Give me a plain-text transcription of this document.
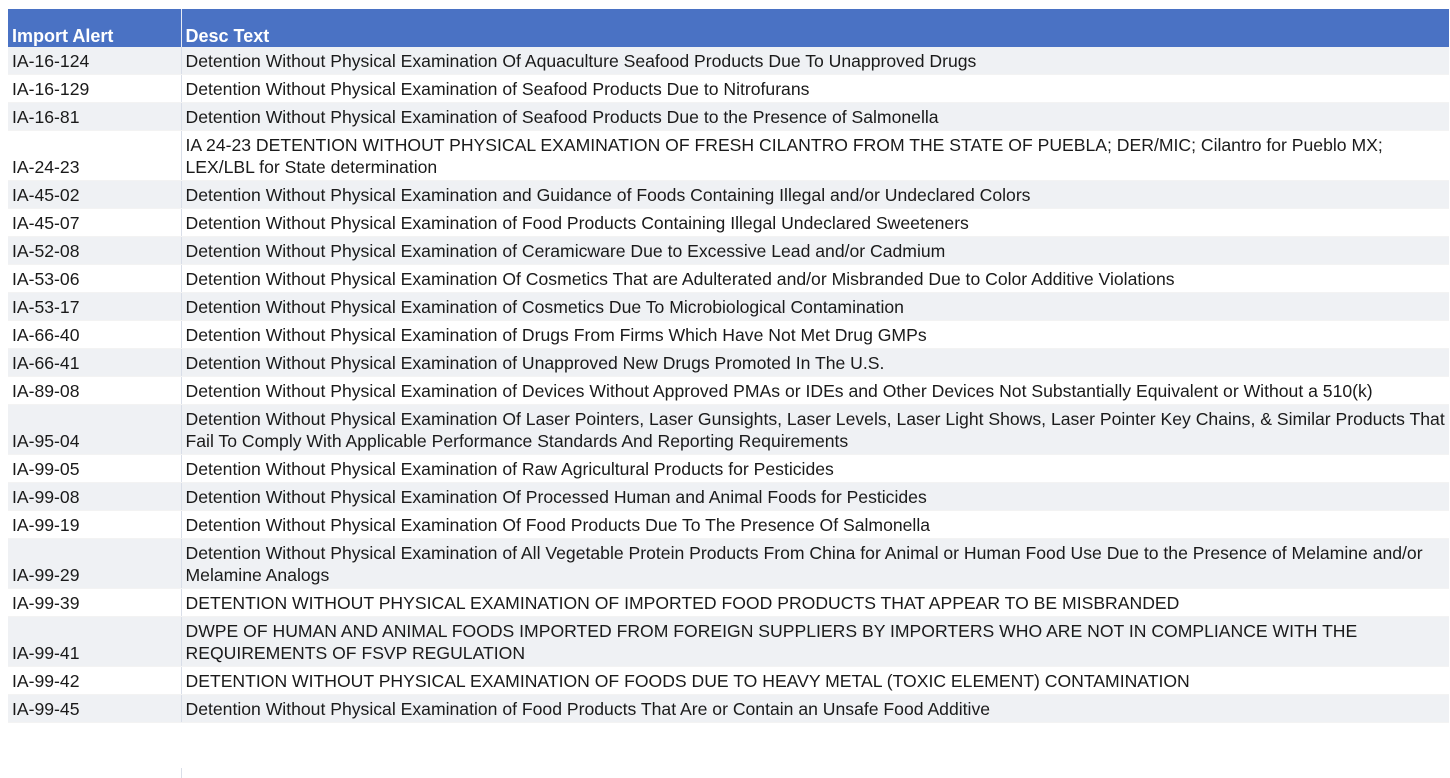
Import Alert	Desc Text
IA-16-124	Detention Without Physical Examination Of Aquaculture Seafood Products Due To Unapproved Drugs
IA-16-129	Detention Without Physical Examination of Seafood Products Due to Nitrofurans
IA-16-81	Detention Without Physical Examination of Seafood Products Due to the Presence of Salmonella
IA-24-23	IA 24-23 DETENTION WITHOUT PHYSICAL EXAMINATION OF FRESH CILANTRO FROM THE STATE OF PUEBLA; DER/MIC; Cilantro for Pueblo MX; LEX/LBL for State determination
IA-45-02	Detention Without Physical Examination and Guidance of Foods Containing Illegal and/or Undeclared Colors
IA-45-07	Detention Without Physical Examination of Food Products Containing Illegal Undeclared Sweeteners
IA-52-08	Detention Without Physical Examination of Ceramicware Due to Excessive Lead and/or Cadmium
IA-53-06	Detention Without Physical Examination Of Cosmetics That are Adulterated and/or Misbranded Due to Color Additive Violations
IA-53-17	Detention Without Physical Examination of Cosmetics Due To Microbiological Contamination
IA-66-40	Detention Without Physical Examination of Drugs From Firms Which Have Not Met Drug GMPs
IA-66-41	Detention Without Physical Examination of Unapproved New Drugs Promoted In The U.S.
IA-89-08	Detention Without Physical Examination of Devices Without Approved PMAs or IDEs and Other Devices Not Substantially Equivalent or Without a 510(k)
IA-95-04	Detention Without Physical Examination Of Laser Pointers, Laser Gunsights, Laser Levels, Laser Light Shows, Laser Pointer Key Chains, & Similar Products That Fail To Comply With Applicable Performance Standards And Reporting Requirements
IA-99-05	Detention Without Physical Examination of Raw Agricultural Products for Pesticides
IA-99-08	Detention Without Physical Examination Of Processed Human and Animal Foods for Pesticides
IA-99-19	Detention Without Physical Examination Of Food Products Due To The Presence Of Salmonella
IA-99-29	Detention Without Physical Examination of All Vegetable Protein Products From China for Animal or Human Food Use Due to the Presence of Melamine and/or Melamine Analogs
IA-99-39	DETENTION WITHOUT PHYSICAL EXAMINATION OF IMPORTED FOOD PRODUCTS THAT APPEAR TO BE MISBRANDED
IA-99-41	DWPE OF HUMAN AND ANIMAL FOODS IMPORTED FROM FOREIGN SUPPLIERS BY IMPORTERS WHO ARE NOT IN COMPLIANCE WITH THE REQUIREMENTS OF FSVP REGULATION
IA-99-42	DETENTION WITHOUT PHYSICAL EXAMINATION OF FOODS DUE TO HEAVY METAL (TOXIC ELEMENT) CONTAMINATION
IA-99-45	Detention Without Physical Examination of Food Products That Are or Contain an Unsafe Food Additive
